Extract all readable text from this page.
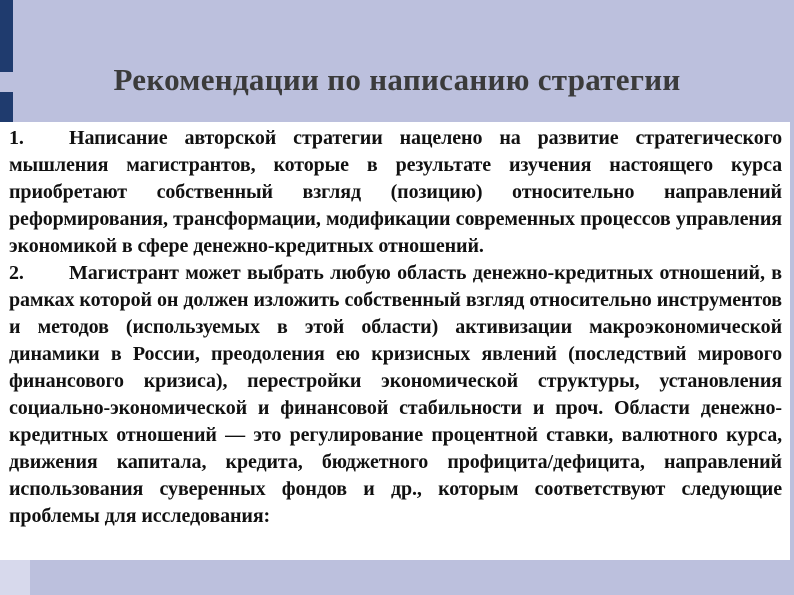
Рекомендации по написанию стратегии

1. Написание авторской стратегии нацелено на развитие стратегического мышления магистрантов, которые в результате изучения настоящего курса приобретают собственный взгляд (позицию) относительно направлений реформирования, трансформации, модификации современных процессов управления экономикой в сфере денежно-кредитных отношений.

2. Магистрант может выбрать любую область денежно-кредитных отношений, в рамках которой он должен изложить собственный взгляд относительно инструментов и методов (используемых в этой области) активизации макроэкономической динамики в России, преодоления ею кризисных явлений (последствий мирового финансового кризиса), перестройки экономической структуры, установления социально-экономической и финансовой стабильности и проч. Области денежно-кредитных отношений — это регулирование процентной ставки, валютного курса, движения капитала, кредита, бюджетного профицита/дефицита, направлений использования суверенных фондов и др., которым соответствуют следующие проблемы для исследования:
